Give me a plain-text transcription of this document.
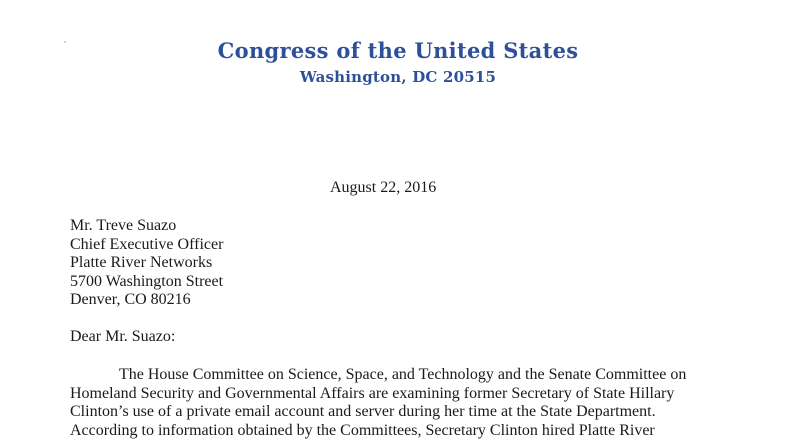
Congress of the United States
Washington, DC 20515
August 22, 2016
Mr. Treve Suazo
Chief Executive Officer
Platte River Networks
5700 Washington Street
Denver, CO 80216
Dear Mr. Suazo:
The House Committee on Science, Space, and Technology and the Senate Committee on
Homeland Security and Governmental Affairs are examining former Secretary of State Hillary
Clinton’s use of a private email account and server during her time at the State Department.
According to information obtained by the Committees, Secretary Clinton hired Platte River
